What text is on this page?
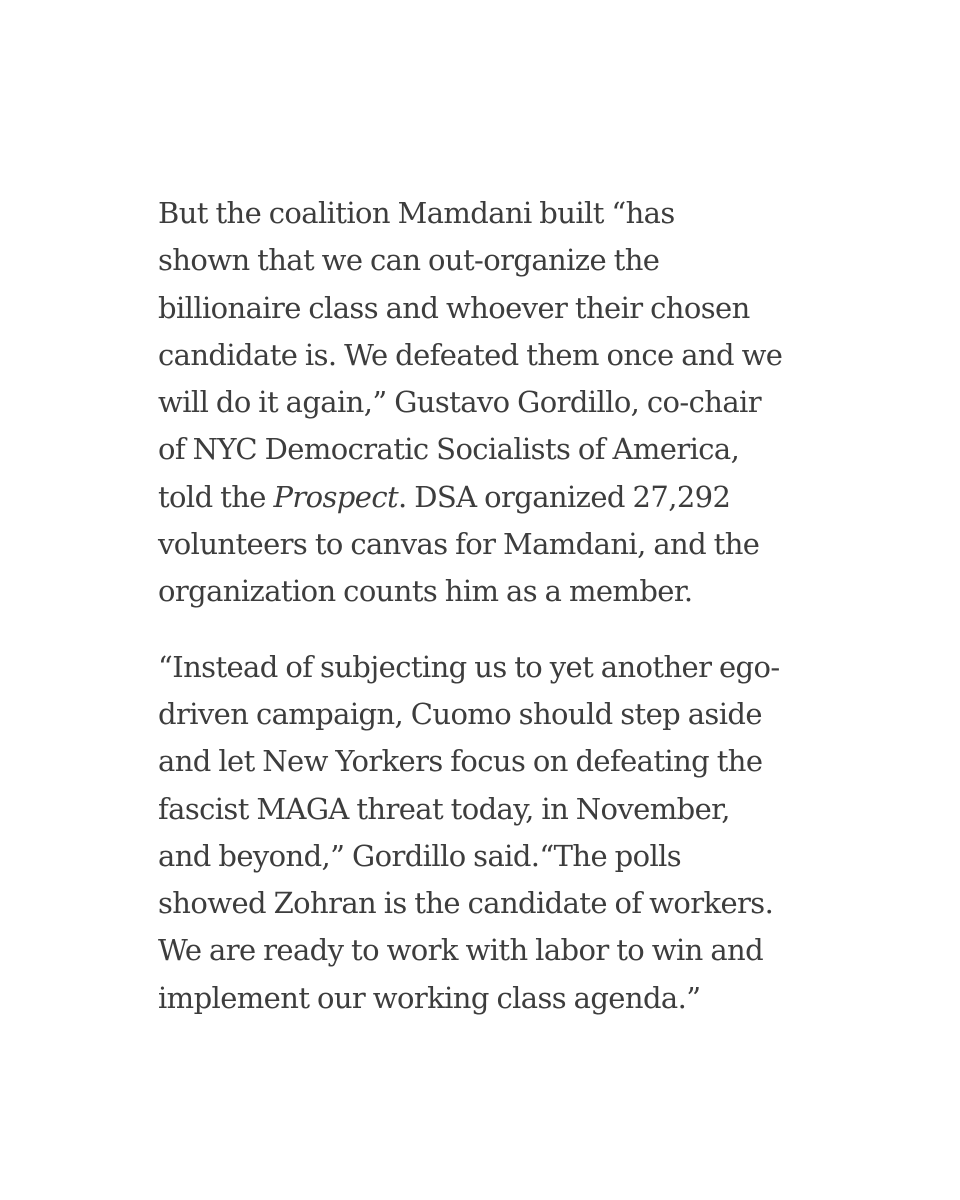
But the coalition Mamdani built “has
shown that we can out-organize the
billionaire class and whoever their chosen
candidate is. We defeated them once and we
will do it again,” Gustavo Gordillo, co-chair
of NYC Democratic Socialists of America,
told the Prospect. DSA organized 27,292
volunteers to canvas for Mamdani, and the
organization counts him as a member.
“Instead of subjecting us to yet another ego-
driven campaign, Cuomo should step aside
and let New Yorkers focus on defeating the
fascist MAGA threat today, in November,
and beyond,” Gordillo said.“The polls
showed Zohran is the candidate of workers.
We are ready to work with labor to win and
implement our working class agenda.”
